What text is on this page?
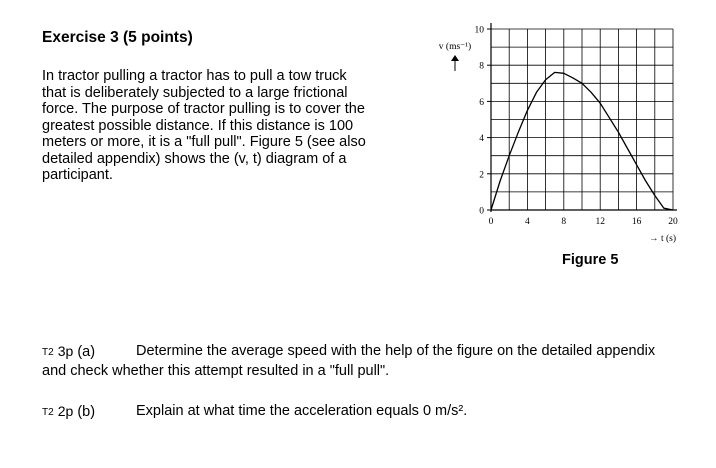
Exercise 3 (5 points)
In tractor pulling a tractor has to pull a tow truck
that is deliberately subjected to a large frictional
force. The purpose of tractor pulling is to cover the
greatest possible distance. If this distance is 100
meters or more, it is a "full pull". Figure 5 (see also
detailed appendix) shows the (v, t) diagram of a
participant.
0
2
4
6
8
10
0	4	8	12	16	20
v (ms⁻¹)
→ t (s)
Figure 5
T2 3p (a)	Determine the average speed with the help of the figure on the detailed appendix
and check whether this attempt resulted in a "full pull".
T2 2p (b)	Explain at what time the acceleration equals 0 m/s².
